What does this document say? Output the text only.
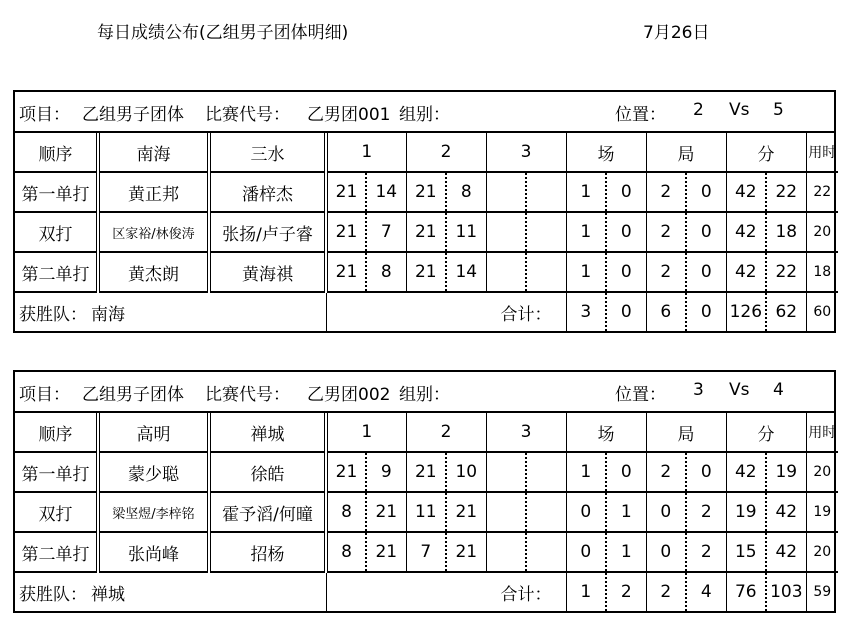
每日成绩公布(乙组男子团体明细)	7月26日
项目： 乙组男子团体 比赛代号： 乙男团001 组别：	位置： 2 Vs 5
顺序	南海	三水	1		2		3		场		局		分		用时
第一单打	黄正邦	潘梓杰	21	14	21	8			1	0	2	0	42	22	22
双打	区家裕/林俊涛	张扬/卢子睿	21	7	21	11			1	0	2	0	42	18	20
第二单打	黄杰朗	黄海祺	21	8	21	14			1	0	2	0	42	22	18
获胜队： 南海			合计：						3	0	6	0	126	62	60
项目： 乙组男子团体 比赛代号： 乙男团002 组别：	位置： 3 Vs 4
顺序	高明	禅城	1		2		3		场		局		分		用时
第一单打	蒙少聪	徐皓	21	9	21	10			1	0	2	0	42	19	20
双打	梁坚煜/李梓铭	霍予滔/何曈	8	21	11	21			0	1	0	2	19	42	19
第二单打	张尚峰	招杨	8	21	7	21			0	1	0	2	15	42	20
获胜队： 禅城			合计：						1	2	2	4	76	103	59
